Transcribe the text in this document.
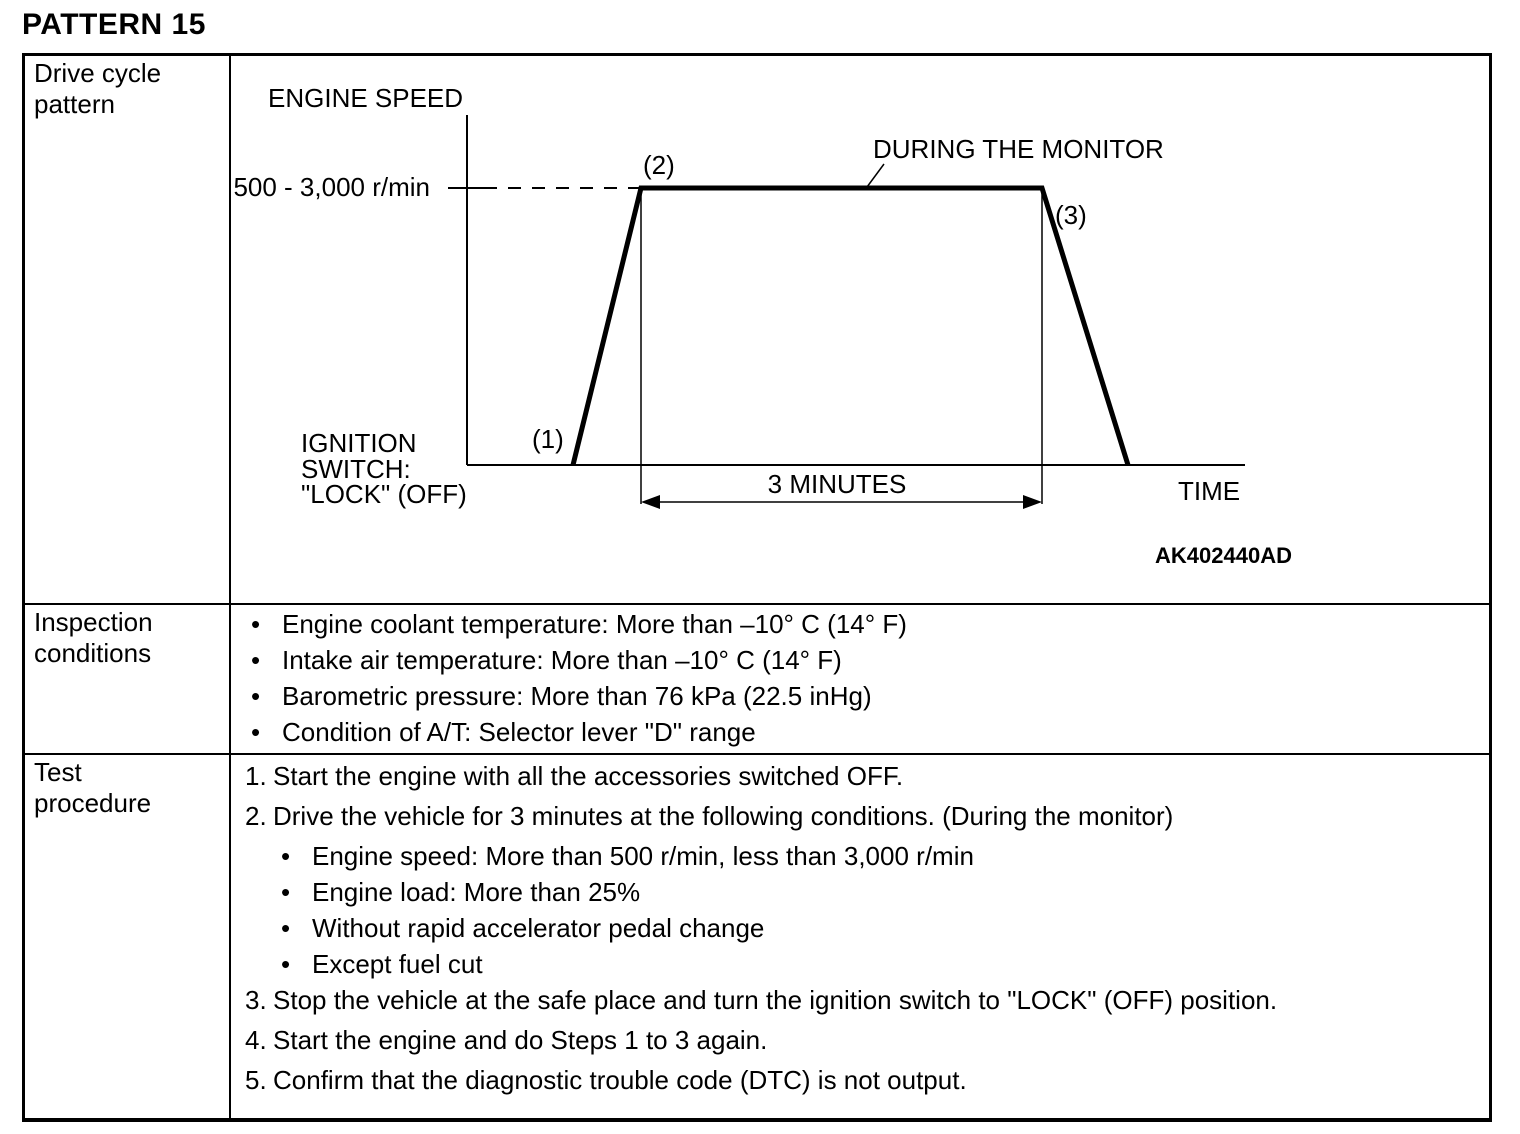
PATTERN 15
Drive cycle pattern	ENGINE SPEED
500 - 3,000 r/min
DURING THE MONITOR
(1)
(2)
(3)
IGNITION
SWITCH:
"LOCK" (OFF)	3 MINUTES	TIME
AK402440AD
Inspection conditions
• Engine coolant temperature: More than –10° C (14° F)
• Intake air temperature: More than –10° C (14° F)
• Barometric pressure: More than 76 kPa (22.5 inHg)
• Condition of A/T: Selector lever "D" range
Test procedure
1. Start the engine with all the accessories switched OFF.
2. Drive the vehicle for 3 minutes at the following conditions. (During the monitor)
• Engine speed: More than 500 r/min, less than 3,000 r/min
• Engine load: More than 25%
• Without rapid accelerator pedal change
• Except fuel cut
3. Stop the vehicle at the safe place and turn the ignition switch to "LOCK" (OFF) position.
4. Start the engine and do Steps 1 to 3 again.
5. Confirm that the diagnostic trouble code (DTC) is not output.
